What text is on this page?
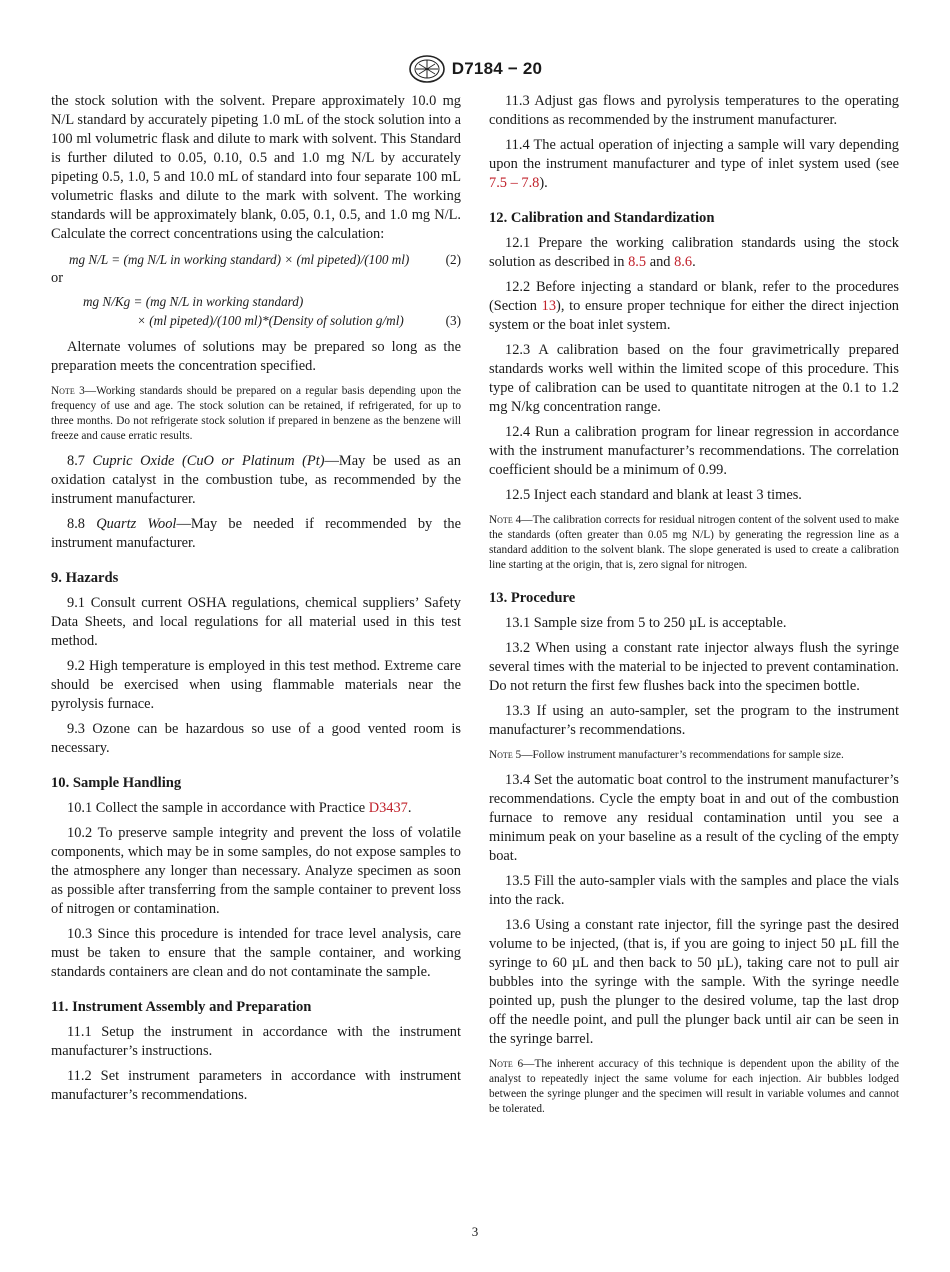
D7184 − 20

the stock solution with the solvent. Prepare approximately 10.0 mg N/L standard by accurately pipeting 1.0 mL of the stock solution into a 100 ml volumetric flask and dilute to mark with solvent. This Standard is further diluted to 0.05, 0.10, 0.5 and 1.0 mg N/L by accurately pipeting 0.5, 1.0, 5 and 10.0 mL of standard into four separate 100 mL volumetric flasks and dilute to the mark with solvent. The working standards will be approximately blank, 0.05, 0.1, 0.5, and 1.0 mg N/L. Calculate the correct concentrations using the calculation:

mg N/L = (mg N/L in working standard) × (ml pipeted)/(100 ml)	(2)
or
mg N/Kg = (mg N/L in working standard)
× (ml pipeted)/(100 ml)*(Density of solution g/ml)	(3)

Alternate volumes of solutions may be prepared so long as the preparation meets the concentration specified.

Note 3—Working standards should be prepared on a regular basis depending upon the frequency of use and age. The stock solution can be retained, if refrigerated, for up to three months. Do not refrigerate stock solution if prepared in benzene as the benzene will freeze and cause erratic results.

8.7 Cupric Oxide (CuO or Platinum (Pt)—May be used as an oxidation catalyst in the combustion tube, as recommended by the instrument manufacturer.

8.8 Quartz Wool—May be needed if recommended by the instrument manufacturer.

9. Hazards

9.1 Consult current OSHA regulations, chemical suppliers’ Safety Data Sheets, and local regulations for all material used in this test method.

9.2 High temperature is employed in this test method. Extreme care should be exercised when using flammable materials near the pyrolysis furnace.

9.3 Ozone can be hazardous so use of a good vented room is necessary.

10. Sample Handling

10.1 Collect the sample in accordance with Practice D3437.

10.2 To preserve sample integrity and prevent the loss of volatile components, which may be in some samples, do not expose samples to the atmosphere any longer than necessary. Analyze specimen as soon as possible after transferring from the sample container to prevent loss of nitrogen or contamination.

10.3 Since this procedure is intended for trace level analysis, care must be taken to ensure that the sample container, and working standards containers are clean and do not contaminate the sample.

11. Instrument Assembly and Preparation

11.1 Setup the instrument in accordance with the instrument manufacturer’s instructions.

11.2 Set instrument parameters in accordance with instrument manufacturer’s recommendations.

11.3 Adjust gas flows and pyrolysis temperatures to the operating conditions as recommended by the instrument manufacturer.

11.4 The actual operation of injecting a sample will vary depending upon the instrument manufacturer and type of inlet system used (see 7.5 – 7.8).

12. Calibration and Standardization

12.1 Prepare the working calibration standards using the stock solution as described in 8.5 and 8.6.

12.2 Before injecting a standard or blank, refer to the procedures (Section 13), to ensure proper technique for either the direct injection system or the boat inlet system.

12.3 A calibration based on the four gravimetrically prepared standards works well within the limited scope of this procedure. This type of calibration can be used to quantitate nitrogen at the 0.1 to 1.2 mg N/kg concentration range.

12.4 Run a calibration program for linear regression in accordance with the instrument manufacturer’s recommendations. The correlation coefficient should be a minimum of 0.99.

12.5 Inject each standard and blank at least 3 times.

Note 4—The calibration corrects for residual nitrogen content of the solvent used to make the standards (often greater than 0.05 mg N/L) by generating the regression line as a standard addition to the solvent blank. The slope generated is used to create a calibration line starting at the origin, that is, zero signal for nitrogen.

13. Procedure

13.1 Sample size from 5 to 250 µL is acceptable.

13.2 When using a constant rate injector always flush the syringe several times with the material to be injected to prevent contamination. Do not return the first few flushes back into the specimen bottle.

13.3 If using an auto-sampler, set the program to the instrument manufacturer’s recommendations.

Note 5—Follow instrument manufacturer’s recommendations for sample size.

13.4 Set the automatic boat control to the instrument manufacturer’s recommendations. Cycle the empty boat in and out of the combustion furnace to remove any residual contamination until you see a minimum peak on your baseline as a result of the cycling of the empty boat.

13.5 Fill the auto-sampler vials with the samples and place the vials into the rack.

13.6 Using a constant rate injector, fill the syringe past the desired volume to be injected, (that is, if you are going to inject 50 µL fill the syringe to 60 µL and then back to 50 µL), taking care not to pull air bubbles into the syringe with the sample. With the syringe needle pointed up, push the plunger to the desired volume, tap the last drop off the needle point, and pull the plunger back until air can be seen in the syringe barrel.

Note 6—The inherent accuracy of this technique is dependent upon the ability of the analyst to repeatedly inject the same volume for each injection. Air bubbles lodged between the syringe plunger and the specimen will result in variable volumes and cannot be tolerated.

3
